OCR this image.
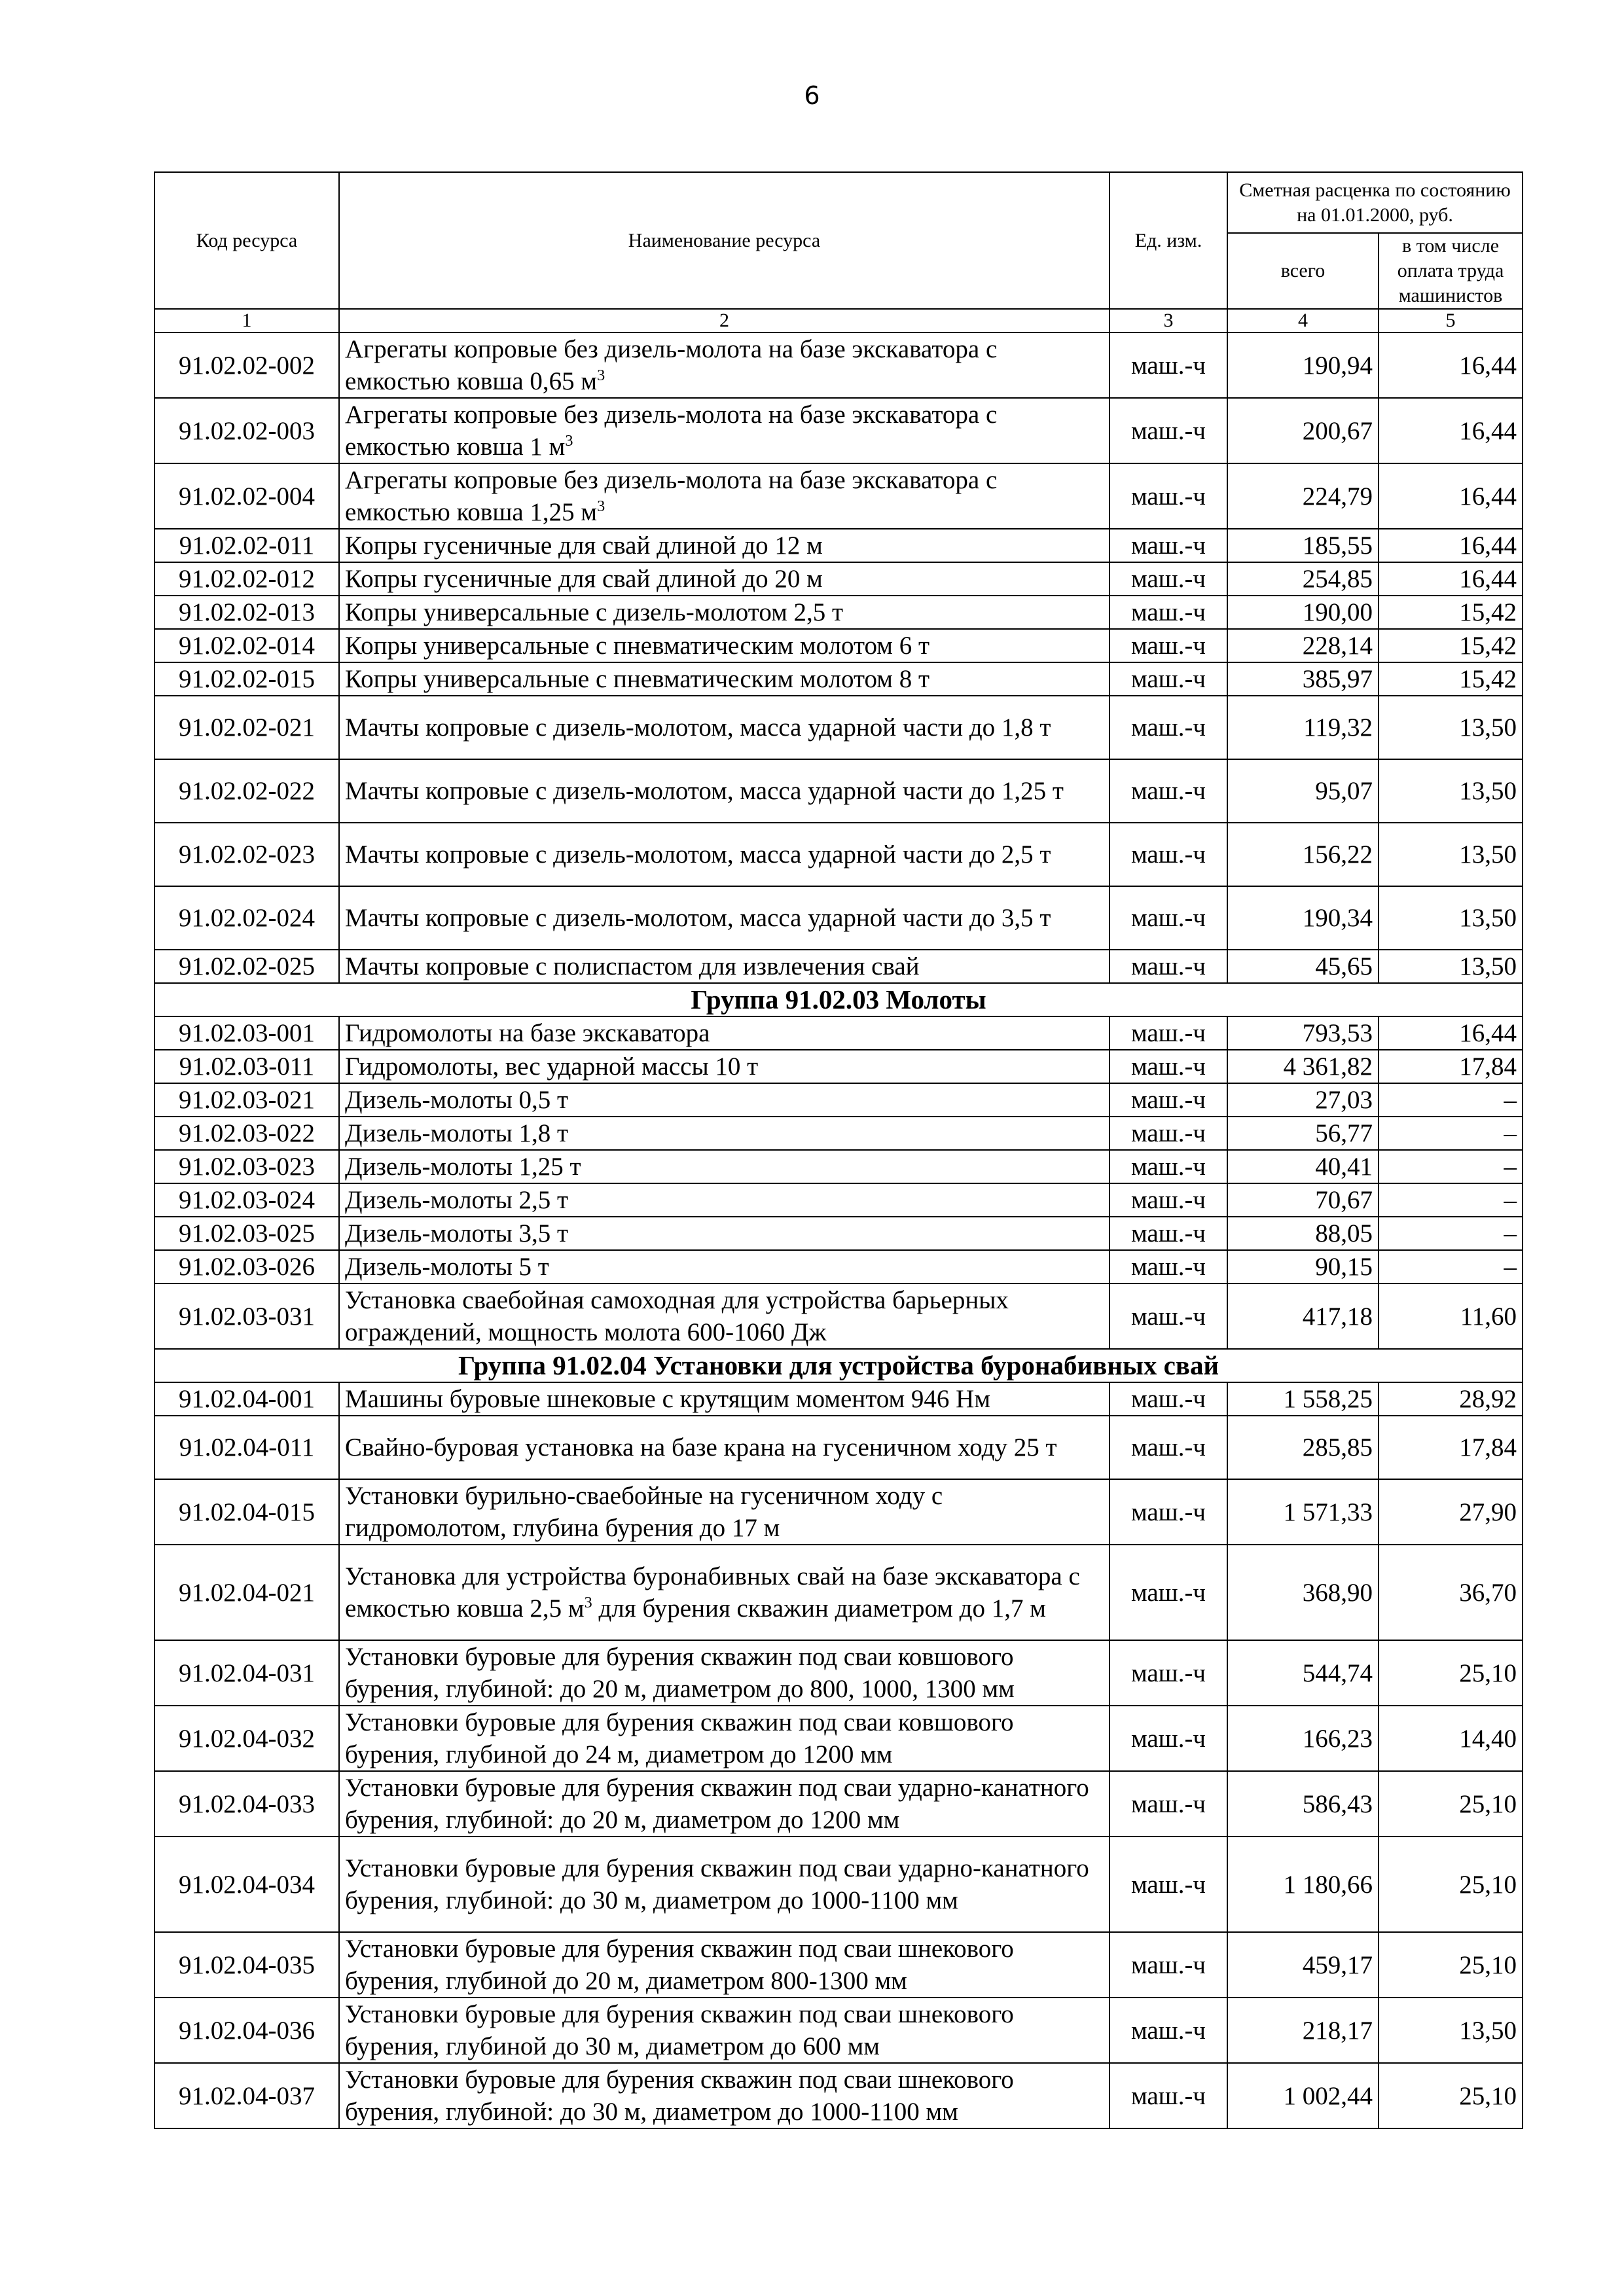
6
Код ресурса	Наименование ресурса	Ед. изм.	Сметная расценка по состоянию на 01.01.2000, руб.	
			всего	в том числе оплата труда машинистов
1	2	3	4	5
91.02.02-002	Агрегаты копровые без дизель-молота на базе экскаватора с емкостью ковша 0,65 $м^3$	маш.-ч	190,94	16,44
91.02.02-003	Агрегаты копровые без дизель-молота на базе экскаватора с емкостью ковша 1 $м^3$	маш.-ч	200,67	16,44
91.02.02-004	Агрегаты копровые без дизель-молота на базе экскаватора с емкостью ковша 1,25 $м^3$	маш.-ч	224,79	16,44
91.02.02-011	Копры гусеничные для свай длиной до 12 м	маш.-ч	185,55	16,44
91.02.02-012	Копры гусеничные для свай длиной до 20 м	маш.-ч	254,85	16,44
91.02.02-013	Копры универсальные с дизель-молотом 2,5 т	маш.-ч	190,00	15,42
91.02.02-014	Копры универсальные с пневматическим молотом 6 т	маш.-ч	228,14	15,42
91.02.02-015	Копры универсальные с пневматическим молотом 8 т	маш.-ч	385,97	15,42
91.02.02-021	Мачты копровые с дизель-молотом, масса ударной части до 1,8 т	маш.-ч	119,32	13,50
91.02.02-022	Мачты копровые с дизель-молотом, масса ударной части до 1,25 т	маш.-ч	95,07	13,50
91.02.02-023	Мачты копровые с дизель-молотом, масса ударной части до 2,5 т	маш.-ч	156,22	13,50
91.02.02-024	Мачты копровые с дизель-молотом, масса ударной части до 3,5 т	маш.-ч	190,34	13,50
91.02.02-025	Мачты копровые с полиспастом для извлечения свай	маш.-ч	45,65	13,50
Группа 91.02.03 Молоты				
91.02.03-001	Гидромолоты на базе экскаватора	маш.-ч	793,53	16,44
91.02.03-011	Гидромолоты, вес ударной массы 10 т	маш.-ч	4 361,82	17,84
91.02.03-021	Дизель-молоты 0,5 т	маш.-ч	27,03	–
91.02.03-022	Дизель-молоты 1,8 т	маш.-ч	56,77	–
91.02.03-023	Дизель-молоты 1,25 т	маш.-ч	40,41	–
91.02.03-024	Дизель-молоты 2,5 т	маш.-ч	70,67	–
91.02.03-025	Дизель-молоты 3,5 т	маш.-ч	88,05	–
91.02.03-026	Дизель-молоты 5 т	маш.-ч	90,15	–
91.02.03-031	Установка сваебойная самоходная для устройства барьерных ограждений, мощность молота 600-1060 Дж	маш.-ч	417,18	11,60
Группа 91.02.04 Установки для устройства буронабивных свай				
91.02.04-001	Машины буровые шнековые с крутящим моментом 946 Нм	маш.-ч	1 558,25	28,92
91.02.04-011	Свайно-буровая установка на базе крана на гусеничном ходу 25 т	маш.-ч	285,85	17,84
91.02.04-015	Установки бурильно-сваебойные на гусеничном ходу с гидромолотом, глубина бурения до 17 м	маш.-ч	1 571,33	27,90
91.02.04-021	Установка для устройства буронабивных свай на базе экскаватора с емкостью ковша 2,5 $м^3$ для бурения скважин диаметром до 1,7 м	маш.-ч	368,90	36,70
91.02.04-031	Установки буровые для бурения скважин под сваи ковшового бурения, глубиной: до 20 м, диаметром до 800, 1000, 1300 мм	маш.-ч	544,74	25,10
91.02.04-032	Установки буровые для бурения скважин под сваи ковшового бурения, глубиной до 24 м, диаметром до 1200 мм	маш.-ч	166,23	14,40
91.02.04-033	Установки буровые для бурения скважин под сваи ударно-канатного бурения, глубиной: до 20 м, диаметром до 1200 мм	маш.-ч	586,43	25,10
91.02.04-034	Установки буровые для бурения скважин под сваи ударно-канатного бурения, глубиной: до 30 м, диаметром до 1000-1100 мм	маш.-ч	1 180,66	25,10
91.02.04-035	Установки буровые для бурения скважин под сваи шнекового бурения, глубиной до 20 м, диаметром 800-1300 мм	маш.-ч	459,17	25,10
91.02.04-036	Установки буровые для бурения скважин под сваи шнекового бурения, глубиной до 30 м, диаметром до 600 мм	маш.-ч	218,17	13,50
91.02.04-037	Установки буровые для бурения скважин под сваи шнекового бурения, глубиной: до 30 м, диаметром до 1000-1100 мм	маш.-ч	1 002,44	25,10
